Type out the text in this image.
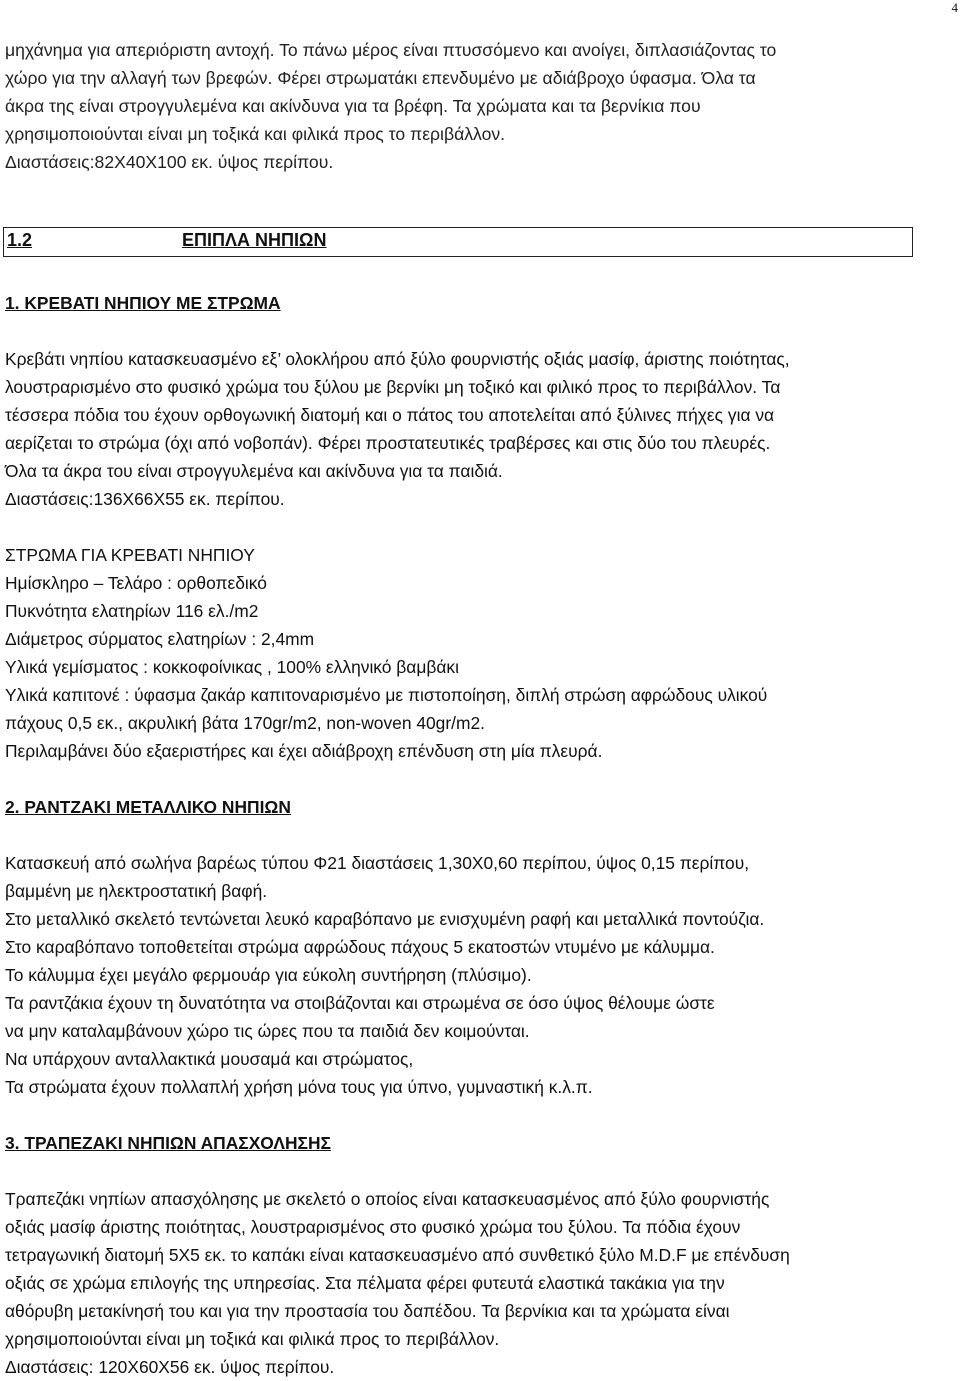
4

μηχάνημα για απεριόριστη αντοχή. Το πάνω μέρος είναι πτυσσόμενο και ανοίγει, διπλασιάζοντας το

χώρο για την αλλαγή των βρεφών. Φέρει στρωματάκι επενδυμένο με αδιάβροχο ύφασμα. Όλα τα

άκρα της είναι στρογγυλεμένα και ακίνδυνα για τα βρέφη. Τα χρώματα και τα βερνίκια που

χρησιμοποιούνται είναι μη τοξικά και φιλικά προς το περιβάλλον.

Διαστάσεις:82Χ40Χ100 εκ. ύψος περίπου.

1.2	ΕΠΙΠΛΑ ΝΗΠΙΩΝ

1. ΚΡΕΒΑΤΙ ΝΗΠΙΟΥ ΜΕ ΣΤΡΩΜΑ

Κρεβάτι νηπίου κατασκευασμένο εξ’ ολοκλήρου από ξύλο φουρνιστής οξιάς μασίφ, άριστης ποιότητας,

λουστραρισμένο στο φυσικό χρώμα του ξύλου με βερνίκι μη τοξικό και φιλικό προς το περιβάλλον. Τα

τέσσερα πόδια του έχουν ορθογωνική διατομή και ο πάτος του αποτελείται από ξύλινες πήχες για να

αερίζεται το στρώμα (όχι από νοβοπάν). Φέρει προστατευτικές τραβέρσες και στις δύο του πλευρές.

Όλα τα άκρα του είναι στρογγυλεμένα και ακίνδυνα για τα παιδιά.

Διαστάσεις:136Χ66Χ55 εκ. περίπου.

ΣΤΡΩΜΑ ΓΙΑ ΚΡΕΒΑΤΙ ΝΗΠΙΟΥ

Ημίσκληρο – Τελάρο : ορθοπεδικό

Πυκνότητα ελατηρίων 116 ελ./m2

Διάμετρος σύρματος ελατηρίων : 2,4mm

Υλικά γεμίσματος : κοκκοφοίνικας , 100% ελληνικό βαμβάκι

Υλικά καπιτονέ : ύφασμα ζακάρ καπιτοναρισμένο με πιστοποίηση, διπλή στρώση αφρώδους υλικού

πάχους 0,5 εκ., ακρυλική βάτα 170gr/m2, non-woven 40gr/m2.

Περιλαμβάνει δύο εξαεριστήρες και έχει αδιάβροχη επένδυση στη μία πλευρά.

2. ΡΑΝΤΖΑΚΙ ΜΕΤΑΛΛΙΚΟ ΝΗΠΙΩΝ

Κατασκευή από σωλήνα βαρέως τύπου Φ21 διαστάσεις 1,30Χ0,60 περίπου, ύψος 0,15 περίπου,

βαμμένη με ηλεκτροστατική βαφή.

Στο μεταλλικό σκελετό τεντώνεται λευκό καραβόπανο με ενισχυμένη ραφή και μεταλλικά ποντούζια.

Στο καραβόπανο τοποθετείται στρώμα αφρώδους πάχους 5 εκατοστών ντυμένο με κάλυμμα.

Το κάλυμμα έχει μεγάλο φερμουάρ για εύκολη συντήρηση (πλύσιμο).

Τα ραντζάκια έχουν τη δυνατότητα να στοιβάζονται και στρωμένα σε όσο ύψος θέλουμε ώστε

να μην καταλαμβάνουν χώρο τις ώρες που τα παιδιά δεν κοιμούνται.

Να υπάρχουν ανταλλακτικά μουσαμά και στρώματος,

Τα στρώματα έχουν πολλαπλή χρήση μόνα τους για ύπνο, γυμναστική κ.λ.π.

3. ΤΡΑΠΕΖΑΚΙ ΝΗΠΙΩΝ ΑΠΑΣΧΟΛΗΣΗΣ

Τραπεζάκι νηπίων απασχόλησης με σκελετό ο οποίος είναι κατασκευασμένος από ξύλο φουρνιστής

οξιάς μασίφ άριστης ποιότητας, λουστραρισμένος στο φυσικό χρώμα του ξύλου. Τα πόδια έχουν

τετραγωνική διατομή 5Χ5 εκ. το καπάκι είναι κατασκευασμένο από συνθετικό ξύλο M.D.F με επένδυση

οξιάς σε χρώμα επιλογής της υπηρεσίας. Στα πέλματα φέρει φυτευτά ελαστικά τακάκια για την

αθόρυβη μετακίνησή του και για την προστασία του δαπέδου. Τα βερνίκια και τα χρώματα είναι

χρησιμοποιούνται είναι μη τοξικά και φιλικά προς το περιβάλλον.

Διαστάσεις: 120Χ60Χ56 εκ. ύψος περίπου.
